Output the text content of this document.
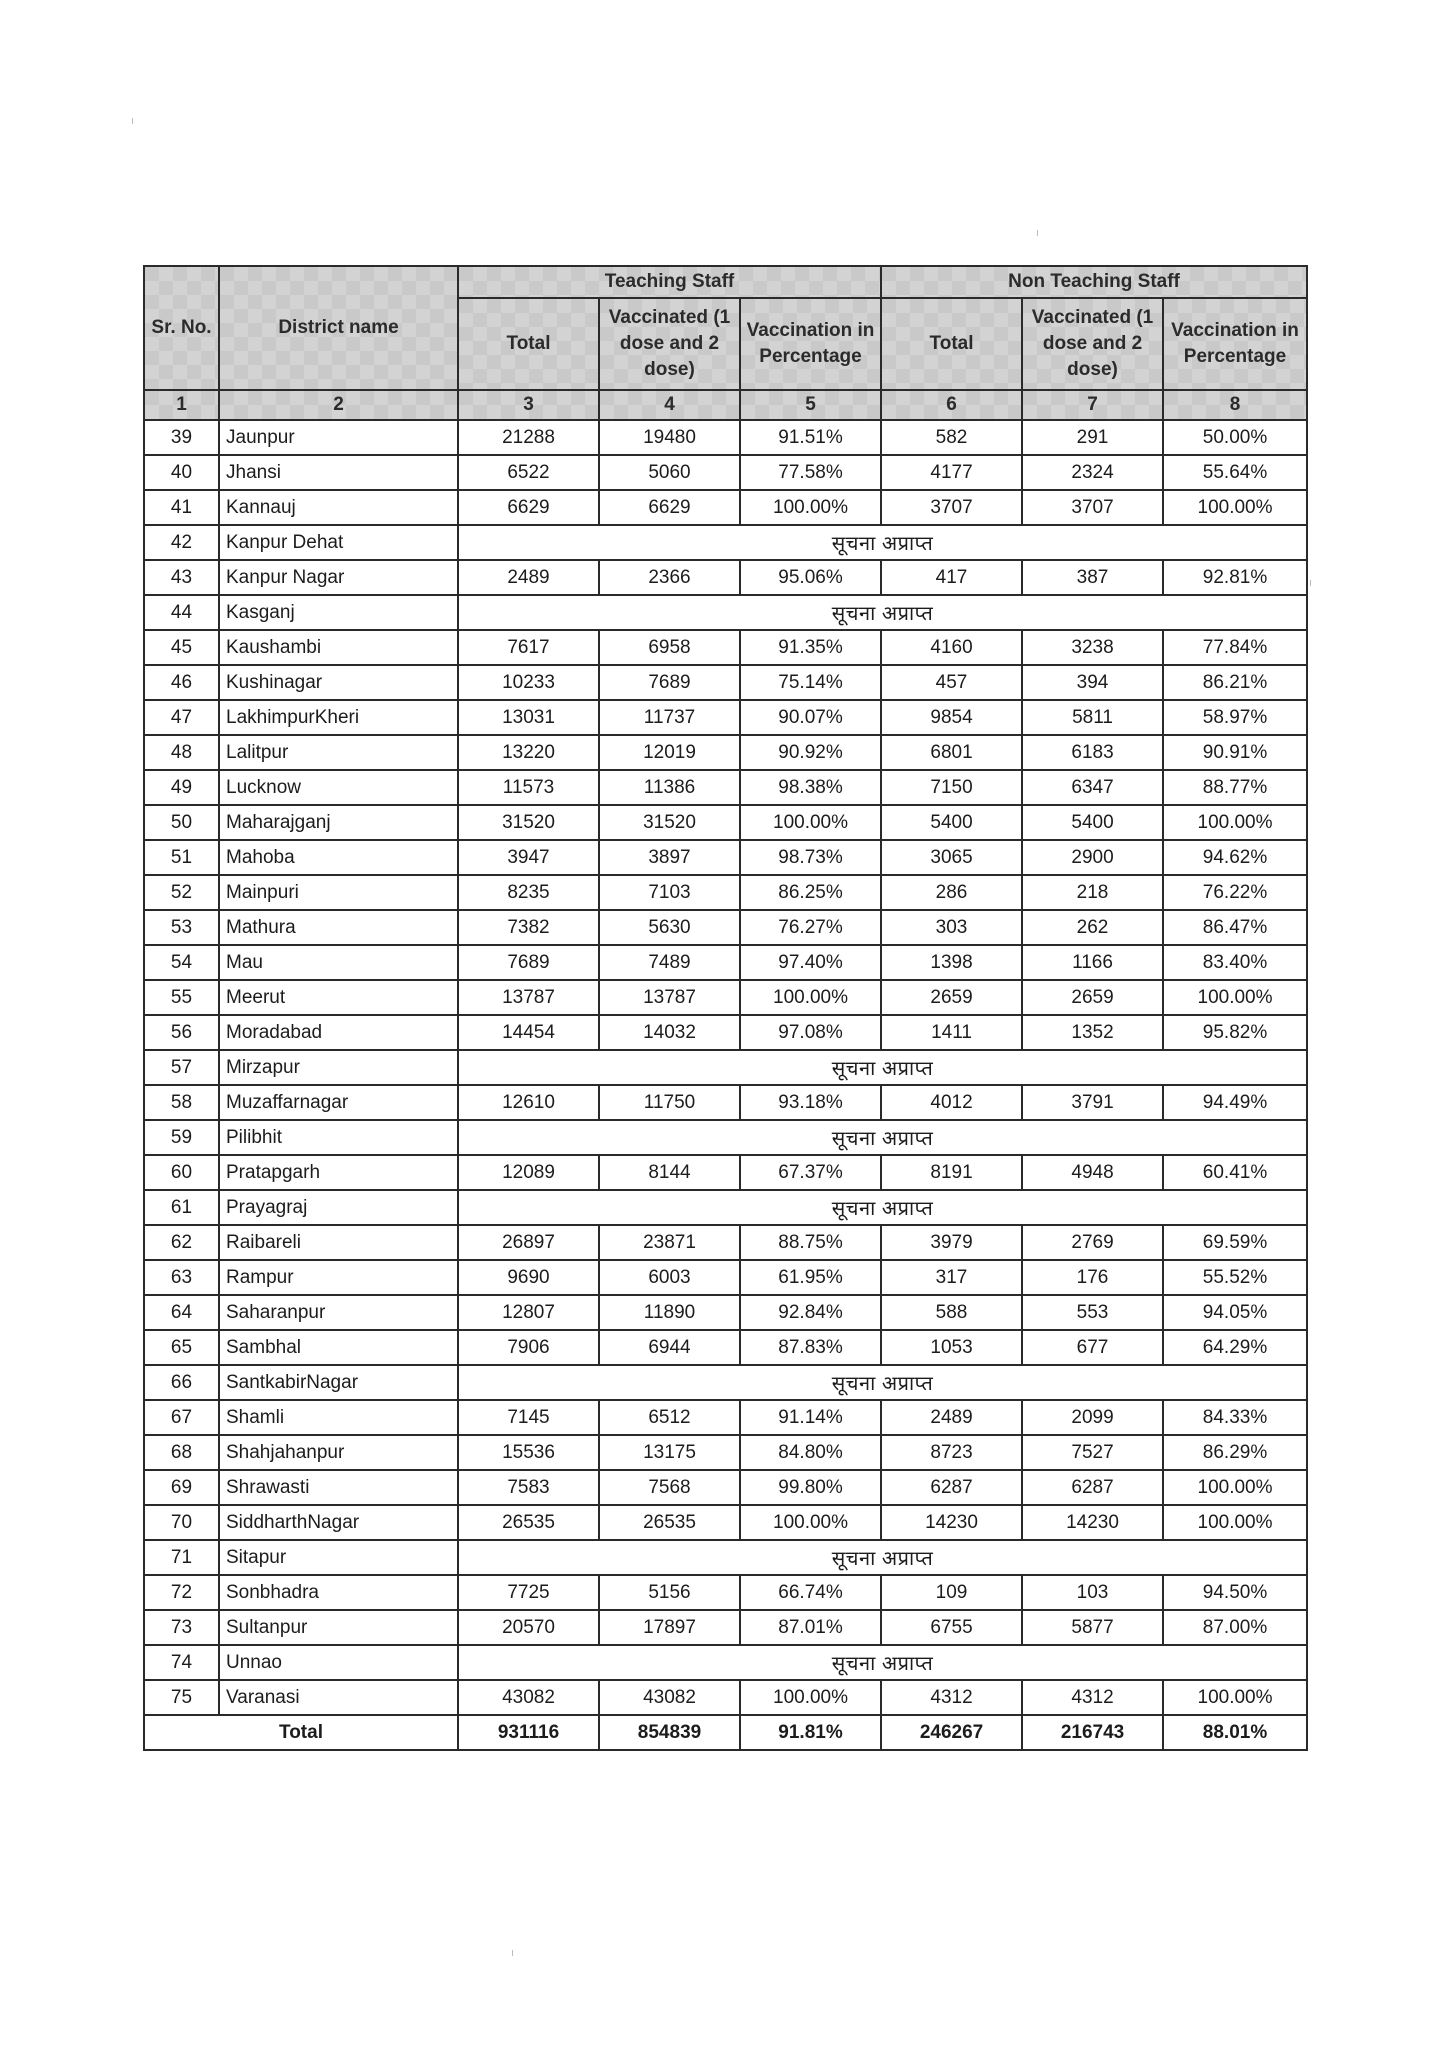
Sr. No.	District name	Teaching Staff			Non Teaching Staff		
		Total	Vaccinated (1 dose and 2 dose)	Vaccination in Percentage	Total	Vaccinated (1 dose and 2 dose)	Vaccination in Percentage
1	2	3	4	5	6	7	8
39	Jaunpur	21288	19480	91.51%	582	291	50.00%
40	Jhansi	6522	5060	77.58%	4177	2324	55.64%
41	Kannauj	6629	6629	100.00%	3707	3707	100.00%
42	Kanpur Dehat	सूचना अप्राप्त					
43	Kanpur Nagar	2489	2366	95.06%	417	387	92.81%
44	Kasganj	सूचना अप्राप्त					
45	Kaushambi	7617	6958	91.35%	4160	3238	77.84%
46	Kushinagar	10233	7689	75.14%	457	394	86.21%
47	LakhimpurKheri	13031	11737	90.07%	9854	5811	58.97%
48	Lalitpur	13220	12019	90.92%	6801	6183	90.91%
49	Lucknow	11573	11386	98.38%	7150	6347	88.77%
50	Maharajganj	31520	31520	100.00%	5400	5400	100.00%
51	Mahoba	3947	3897	98.73%	3065	2900	94.62%
52	Mainpuri	8235	7103	86.25%	286	218	76.22%
53	Mathura	7382	5630	76.27%	303	262	86.47%
54	Mau	7689	7489	97.40%	1398	1166	83.40%
55	Meerut	13787	13787	100.00%	2659	2659	100.00%
56	Moradabad	14454	14032	97.08%	1411	1352	95.82%
57	Mirzapur	सूचना अप्राप्त					
58	Muzaffarnagar	12610	11750	93.18%	4012	3791	94.49%
59	Pilibhit	सूचना अप्राप्त					
60	Pratapgarh	12089	8144	67.37%	8191	4948	60.41%
61	Prayagraj	सूचना अप्राप्त					
62	Raibareli	26897	23871	88.75%	3979	2769	69.59%
63	Rampur	9690	6003	61.95%	317	176	55.52%
64	Saharanpur	12807	11890	92.84%	588	553	94.05%
65	Sambhal	7906	6944	87.83%	1053	677	64.29%
66	SantkabirNagar	सूचना अप्राप्त					
67	Shamli	7145	6512	91.14%	2489	2099	84.33%
68	Shahjahanpur	15536	13175	84.80%	8723	7527	86.29%
69	Shrawasti	7583	7568	99.80%	6287	6287	100.00%
70	SiddharthNagar	26535	26535	100.00%	14230	14230	100.00%
71	Sitapur	सूचना अप्राप्त					
72	Sonbhadra	7725	5156	66.74%	109	103	94.50%
73	Sultanpur	20570	17897	87.01%	6755	5877	87.00%
74	Unnao	सूचना अप्राप्त					
75	Varanasi	43082	43082	100.00%	4312	4312	100.00%
Total		931116	854839	91.81%	246267	216743	88.01%
